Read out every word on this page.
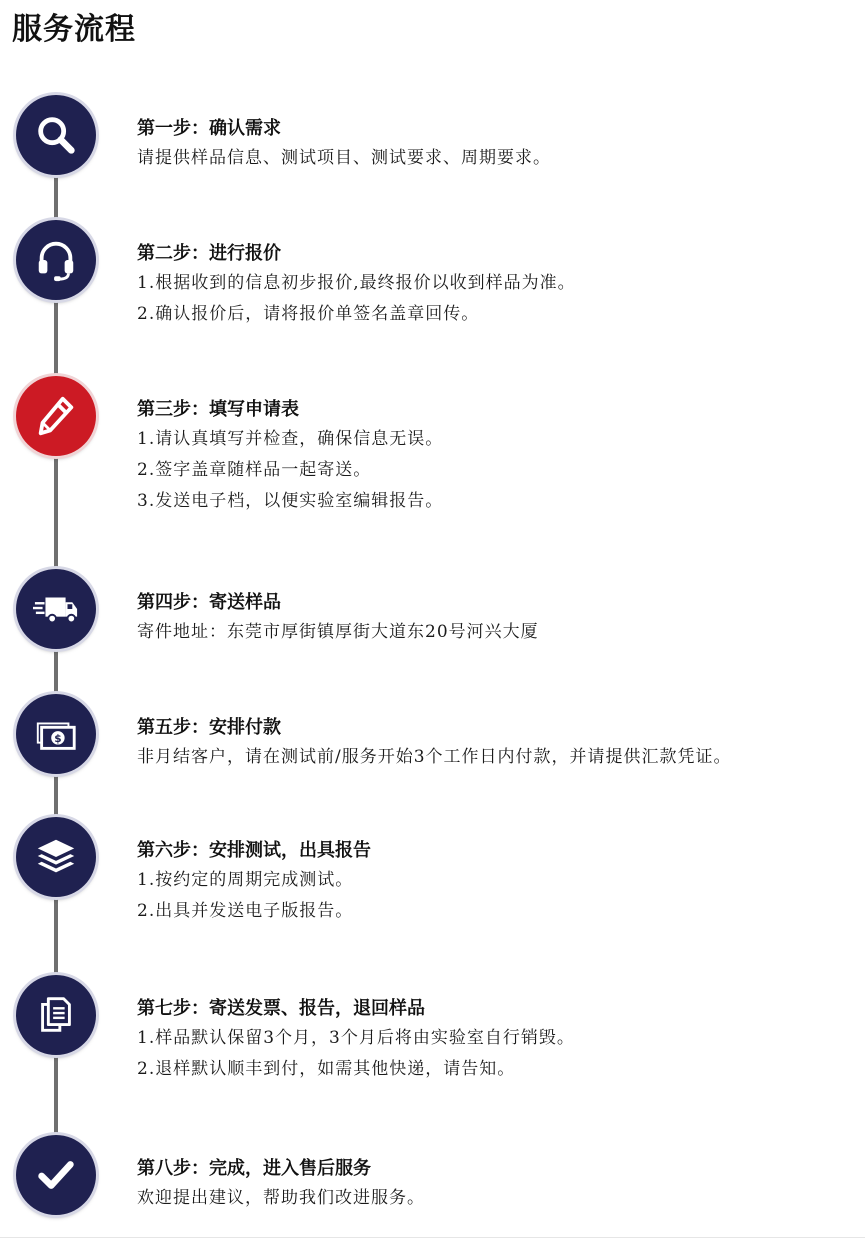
服务流程
第一步：确认需求
请提供样品信息、测试项目、测试要求、周期要求。
第二步：进行报价
1.根据收到的信息初步报价,最终报价以收到样品为准。
2.确认报价后，请将报价单签名盖章回传。
第三步：填写申请表
1.请认真填写并检查，确保信息无误。
2.签字盖章随样品一起寄送。
3.发送电子档，以便实验室编辑报告。
第四步：寄送样品
寄件地址：东莞市厚街镇厚街大道东20号河兴大厦
$
第五步：安排付款
非月结客户，请在测试前/服务开始3个工作日内付款，并请提供汇款凭证。
第六步：安排测试，出具报告
1.按约定的周期完成测试。
2.出具并发送电子版报告。
第七步：寄送发票、报告，退回样品
1.样品默认保留3个月，3个月后将由实验室自行销毁。
2.退样默认顺丰到付，如需其他快递，请告知。
第八步：完成，进入售后服务
欢迎提出建议，帮助我们改进服务。
